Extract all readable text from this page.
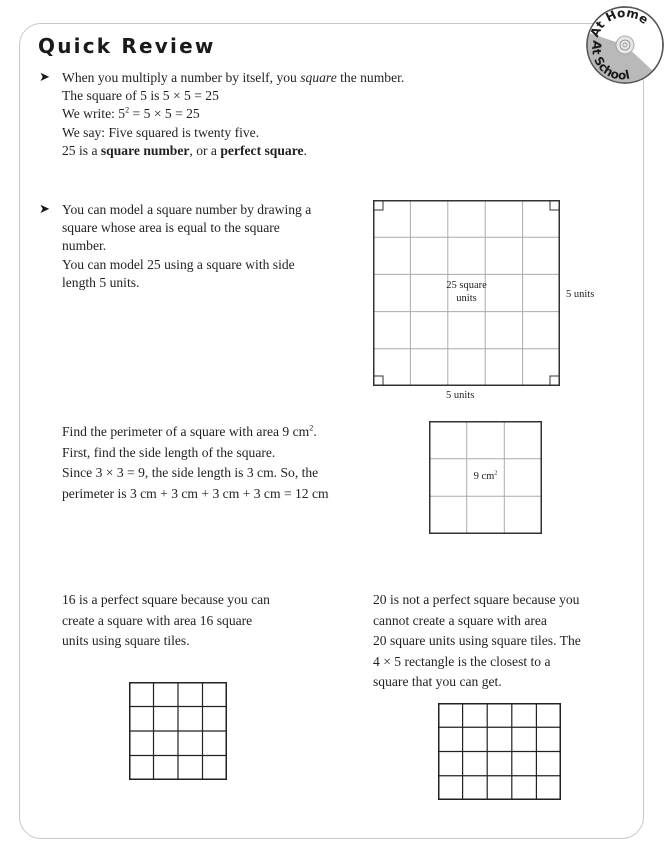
Quick Review
At Home
At School
➤ When you multiply a number by itself, you square the number.
The square of 5 is 5 × 5 = 25
We write: $5^2 = 5 \times 5 = 25$
We say: Five squared is twenty five.
25 is a square number, or a perfect square.
➤ You can model a square number by drawing a
square whose area is equal to the square
number.
You can model 25 using a square with side
length 5 units.	25 square
units	5 units
5 units
Find the perimeter of a square with area 9 $cm^2$.
First, find the side length of the square.
Since 3 × 3 = 9, the side length is 3 cm. So, the
perimeter is 3 cm + 3 cm + 3 cm + 3 cm = 12 cm
9 $cm^2$
16 is a perfect square because you can
create a square with area 16 square
units using square tiles.
20 is not a perfect square because you
cannot create a square with area
20 square units using square tiles. The
4 × 5 rectangle is the closest to a
square that you can get.
